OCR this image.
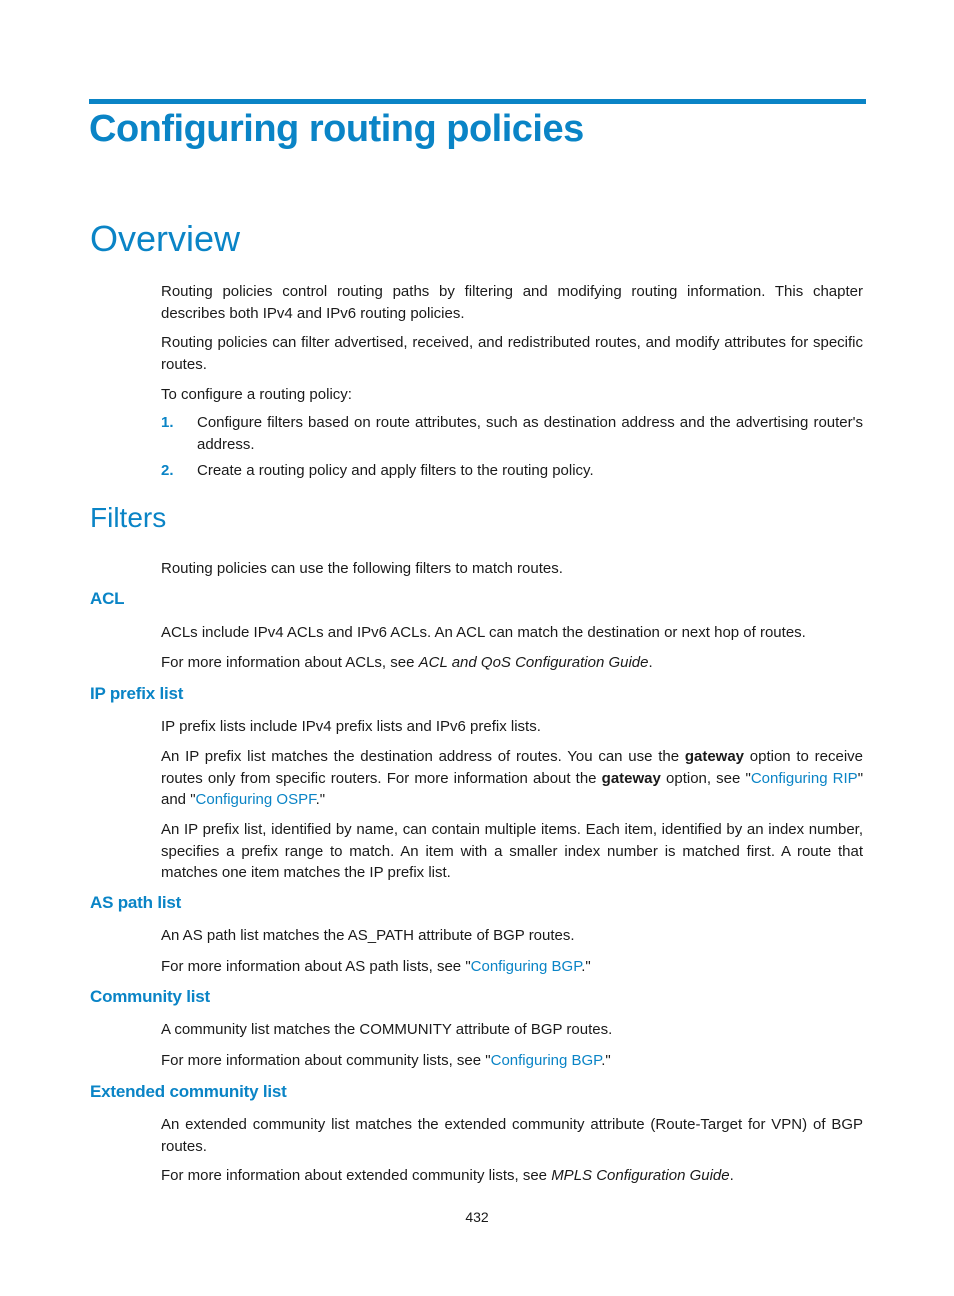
Configuring routing policies
Overview

Routing policies control routing paths by filtering and modifying routing information. This chapter describes both IPv4 and IPv6 routing policies.

Routing policies can filter advertised, received, and redistributed routes, and modify attributes for specific routes.

To configure a routing policy:

1. Configure filters based on route attributes, such as destination address and the advertising router's address.
2. Create a routing policy and apply filters to the routing policy.
Filters

Routing policies can use the following filters to match routes.

ACL

ACLs include IPv4 ACLs and IPv6 ACLs. An ACL can match the destination or next hop of routes.

For more information about ACLs, see ACL and QoS Configuration Guide.

IP prefix list

IP prefix lists include IPv4 prefix lists and IPv6 prefix lists.

An IP prefix list matches the destination address of routes. You can use the gateway option to receive routes only from specific routers. For more information about the gateway option, see "Configuring RIP" and "Configuring OSPF."

An IP prefix list, identified by name, can contain multiple items. Each item, identified by an index number, specifies a prefix range to match. An item with a smaller index number is matched first. A route that matches one item matches the IP prefix list.

AS path list

An AS path list matches the AS_PATH attribute of BGP routes.

For more information about AS path lists, see "Configuring BGP."

Community list

A community list matches the COMMUNITY attribute of BGP routes.

For more information about community lists, see "Configuring BGP."

Extended community list

An extended community list matches the extended community attribute (Route-Target for VPN) of BGP routes.

For more information about extended community lists, see MPLS Configuration Guide.

432
